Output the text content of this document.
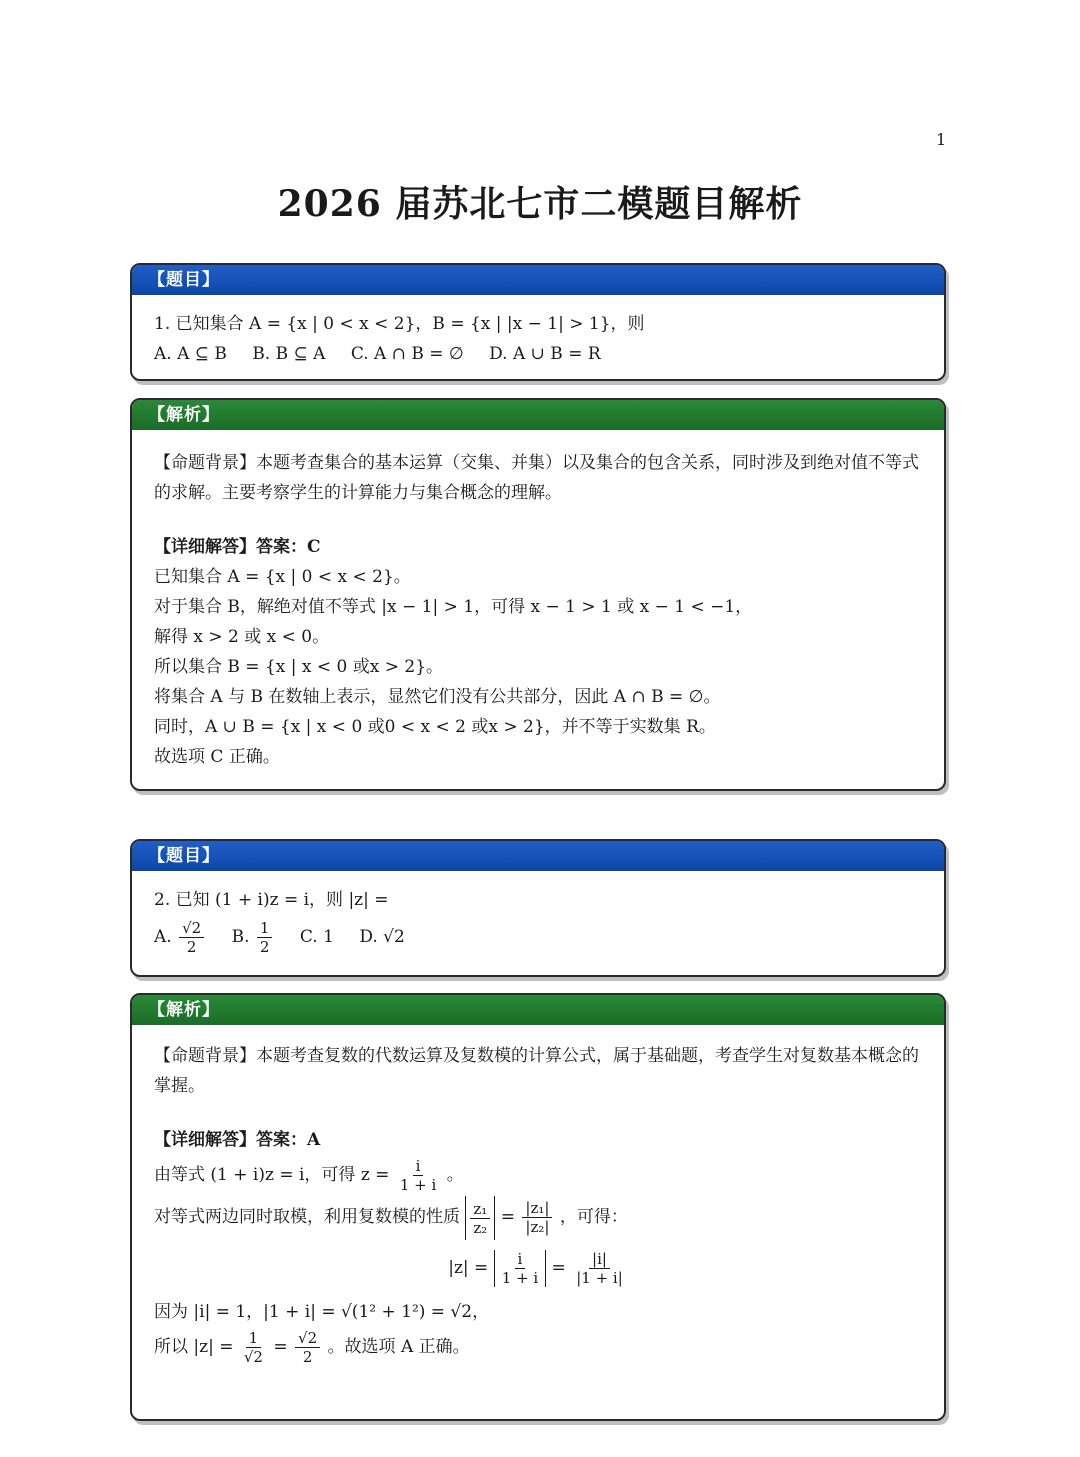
1
2026 届苏北七市二模题目解析
【题目】
1. 已知集合 A = {x | 0 < x < 2}，B = {x | |x − 1| > 1}，则
A. A ⊆ B B. B ⊆ A C. A ∩ B = ∅ D. A ∪ B = R
【解析】
【命题背景】本题考查集合的基本运算（交集、并集）以及集合的包含关系，同时涉及到绝对值不等式的求解。主要考察学生的计算能力与集合概念的理解。
【详细解答】答案：C
已知集合 A = {x | 0 < x < 2}。
对于集合 B，解绝对值不等式 |x − 1| > 1，可得 x − 1 > 1 或 x − 1 < −1，
解得 x > 2 或 x < 0。
所以集合 B = {x | x < 0 或x > 2}。
将集合 A 与 B 在数轴上表示，显然它们没有公共部分，因此 A ∩ B = ∅。
同时，A ∪ B = {x | x < 0 或0 < x < 2 或x > 2}，并不等于实数集 R。
故选项 C 正确。
【题目】
2. 已知 (1 + i)z = i，则 |z| =
A. $\frac{√2}{2} B$. $\frac{1}{2} C$. 1 D. √2
【解析】
【命题背景】本题考查复数的代数运算及复数模的计算公式，属于基础题，考查学生对复数基本概念的掌握。
【详细解答】答案：A
由等式 (1 + i)z = i，可得 $z = \frac{i}{1 + i}$ 。
对等式两边同时取模，利用复数模的性质 $\frac{\text{z₁}}{\text{z₂}} = \frac{\text{|z₁|}}{\text{|z₂|}}$ ，可得：
$|z| = \frac{i}{1 + i} = \frac{|i|}{|1 + i|}$
因为 |i| = 1，|1 + i| = √(1² + 1²) = √2，
所以 $|z| = \frac{1}{√2} = \frac{√2}{2}$ 。故选项 A 正确。
